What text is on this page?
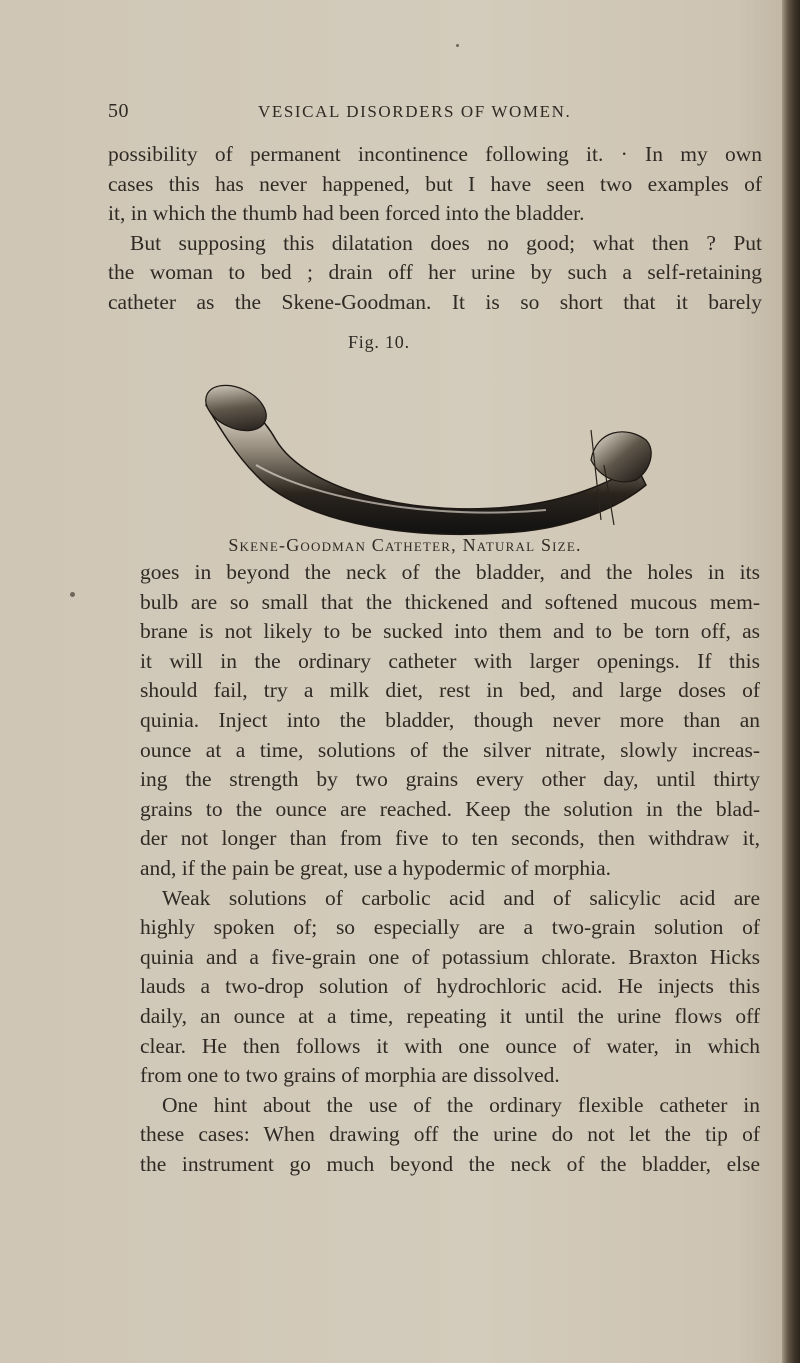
50	VESICAL DISORDERS OF WOMEN.
possibility of permanent incontinence following it. · In my own
cases this has never happened, but I have seen two examples of
it, in which the thumb had been forced into the bladder.
But supposing this dilatation does no good; what then ? Put
the woman to bed ; drain off her urine by such a self-retaining
catheter as the Skene-Goodman. It is so short that it barely
Fig. 10.
Skene-Goodman Catheter, Natural Size.
goes in beyond the neck of the bladder, and the holes in its
bulb are so small that the thickened and softened mucous mem-
brane is not likely to be sucked into them and to be torn off, as
it will in the ordinary catheter with larger openings. If this
should fail, try a milk diet, rest in bed, and large doses of
quinia. Inject into the bladder, though never more than an
ounce at a time, solutions of the silver nitrate, slowly increas-
ing the strength by two grains every other day, until thirty
grains to the ounce are reached. Keep the solution in the blad-
der not longer than from five to ten seconds, then withdraw it,
and, if the pain be great, use a hypodermic of morphia.
Weak solutions of carbolic acid and of salicylic acid are
highly spoken of; so especially are a two-grain solution of
quinia and a five-grain one of potassium chlorate. Braxton Hicks
lauds a two-drop solution of hydrochloric acid. He injects this
daily, an ounce at a time, repeating it until the urine flows off
clear. He then follows it with one ounce of water, in which
from one to two grains of morphia are dissolved.
One hint about the use of the ordinary flexible catheter in
these cases: When drawing off the urine do not let the tip of
the instrument go much beyond the neck of the bladder, else
